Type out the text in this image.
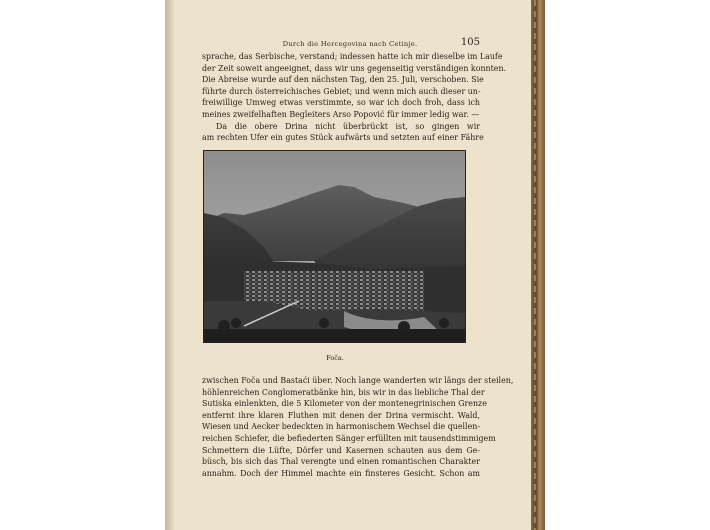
Durch die Hercegovina nach Cetinje.	105
sprache, das Serbische, verstand; indessen hatte ich mir dieselbe im Laufe
der Zeit soweit angeeignet, dass wir uns gegenseitig verständigen konnten.
Die Abreise wurde auf den nächsten Tag, den 25. Juli, verschoben. Sie
führte durch österreichisches Gebiet; und wenn mich auch dieser un-
freiwillige Umweg etwas verstimmte, so war ich doch froh, dass ich
meines zweifelhaften Begleiters Arso Popović für immer ledig war. —
Da die obere Drina nicht überbrückt ist, so gingen wir
am rechten Ufer ein gutes Stück aufwärts und setzten auf einer Fähre
Foča.
zwischen Foča und Bastaći über. Noch lange wanderten wir längs der steilen,
höhlenreichen Conglomeratbänke hin, bis wir in das liebliche Thal der
Sutiska einlenkten, die 5 Kilometer von der montenegrinischen Grenze
entfernt ihre klaren Fluthen mit denen der Drina vermischt. Wald,
Wiesen und Aecker bedeckten in harmonischem Wechsel die quellen-
reichen Schiefer, die befiederten Sänger erfüllten mit tausendstimmigem
Schmettern die Lüfte, Dörfer und Kasernen schauten aus dem Ge-
büsch, bis sich das Thal verengte und einen romantischen Charakter
annahm. Doch der Himmel machte ein finsteres Gesicht. Schon am
